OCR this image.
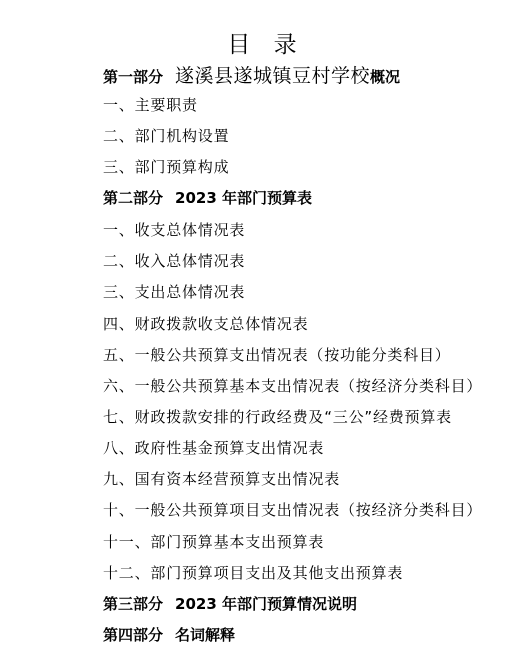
目 录
第一部分 遂溪县遂城镇豆村学校概况
一、主要职责
二、部门机构设置
三、部门预算构成
第二部分 2023 年部门预算表
一、收支总体情况表
二、收入总体情况表
三、支出总体情况表
四、财政拨款收支总体情况表
五、一般公共预算支出情况表（按功能分类科目）
六、一般公共预算基本支出情况表（按经济分类科目）
七、财政拨款安排的行政经费及“三公”经费预算表
八、政府性基金预算支出情况表
九、国有资本经营预算支出情况表
十、一般公共预算项目支出情况表（按经济分类科目）
十一、部门预算基本支出预算表
十二、部门预算项目支出及其他支出预算表
第三部分 2023 年部门预算情况说明
第四部分 名词解释
